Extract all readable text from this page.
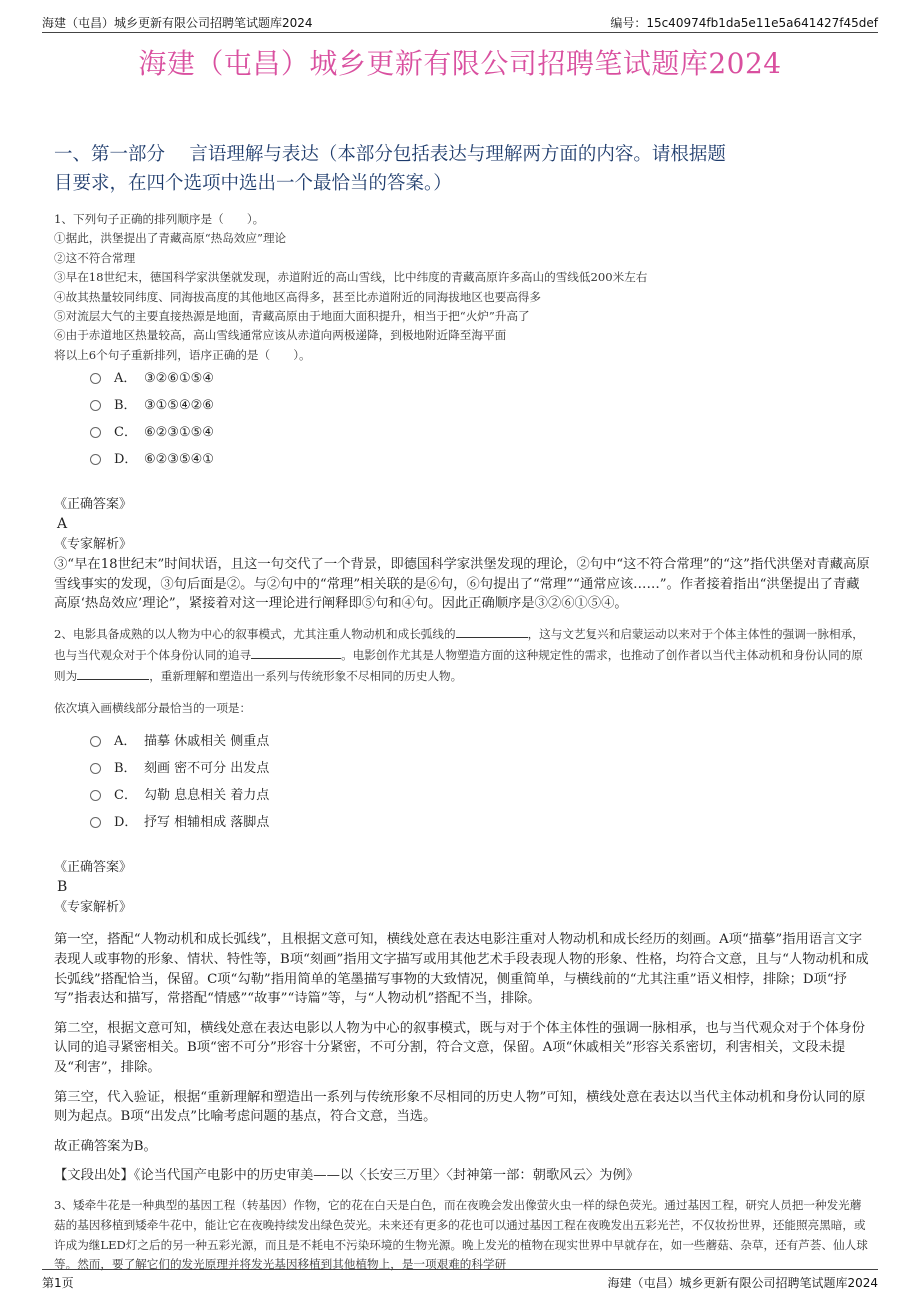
海建（屯昌）城乡更新有限公司招聘笔试题库2024	编号：15c40974fb1da5e11e5a641427f45def
海建（屯昌）城乡更新有限公司招聘笔试题库2024
一、第一部分　 言语理解与表达（本部分包括表达与理解两方面的内容。请根据题
目要求，在四个选项中选出一个最恰当的答案。）
1、下列句子正确的排列顺序是（　　）。
①据此，洪堡提出了青藏高原“热岛效应”理论
②这不符合常理
③早在18世纪末，德国科学家洪堡就发现，赤道附近的高山雪线，比中纬度的青藏高原许多高山的雪线低200米左右
④故其热量较同纬度、同海拔高度的其他地区高得多，甚至比赤道附近的同海拔地区也要高得多
⑤对流层大气的主要直接热源是地面，青藏高原由于地面大面积提升，相当于把“火炉”升高了
⑥由于赤道地区热量较高，高山雪线通常应该从赤道向两极递降，到极地附近降至海平面
将以上6个句子重新排列，语序正确的是（　　）。
A． ③②⑥①⑤④
B． ③①⑤④②⑥
C． ⑥②③①⑤④
D． ⑥②③⑤④①
《正确答案》
A
《专家解析》
③“早在18世纪末”时间状语，且这一句交代了一个背景，即德国科学家洪堡发现的理论，②句中“这不符合常理”的“这”指代洪堡对青藏高原雪线事实的发现，③句后面是②。与②句中的“常理”相关联的是⑥句，⑥句提出了“常理”“通常应该……”。作者接着指出“洪堡提出了青藏高原‘热岛效应’理论”，紧接着对这一理论进行阐释即⑤句和④句。因此正确顺序是③②⑥①⑤④。
2、电影具备成熟的以人物为中心的叙事模式，尤其注重人物动机和成长弧线的	，这与文艺复兴和启蒙运动以来对于个体主体性的强调一脉相承，也与当代观众对于个体身份认同的追寻	。电影创作尤其是人物塑造方面的这种规定性的需求，也推动了创作者以当代主体动机和身份认同的原则为	，重新理解和塑造出一系列与传统形象不尽相同的历史人物。
依次填入画横线部分最恰当的一项是：
A． 描摹 休戚相关 侧重点
B． 刻画 密不可分 出发点
C． 勾勒 息息相关 着力点
D． 抒写 相辅相成 落脚点
《正确答案》
B
《专家解析》
第一空，搭配“人物动机和成长弧线”，且根据文意可知，横线处意在表达电影注重对人物动机和成长经历的刻画。A项“描摹”指用语言文字表现人或事物的形象、情状、特性等，B项“刻画”指用文字描写或用其他艺术手段表现人物的形象、性格，均符合文意，且与“人物动机和成长弧线”搭配恰当，保留。C项“勾勒”指用简单的笔墨描写事物的大致情况，侧重简单，与横线前的“尤其注重”语义相悖，排除；D项“抒写”指表达和描写，常搭配“情感”“故事”“诗篇”等，与“人物动机”搭配不当，排除。
第二空，根据文意可知，横线处意在表达电影以人物为中心的叙事模式，既与对于个体主体性的强调一脉相承，也与当代观众对于个体身份认同的追寻紧密相关。B项“密不可分”形容十分紧密，不可分割，符合文意，保留。A项“休戚相关”形容关系密切，利害相关，文段未提及“利害”，排除。
第三空，代入验证，根据“重新理解和塑造出一系列与传统形象不尽相同的历史人物”可知，横线处意在表达以当代主体动机和身份认同的原则为起点。B项“出发点”比喻考虑问题的基点，符合文意，当选。
故正确答案为B。
【文段出处】《论当代国产电影中的历史审美——以〈长安三万里〉〈封神第一部：朝歌风云〉为例》
3、矮牵牛花是一种典型的基因工程（转基因）作物，它的花在白天是白色，而在夜晚会发出像萤火虫一样的绿色荧光。通过基因工程，研究人员把一种发光蘑菇的基因移植到矮牵牛花中，能让它在夜晚持续发出绿色荧光。未来还有更多的花也可以通过基因工程在夜晚发出五彩光芒，不仅妆扮世界，还能照亮黑暗，或许成为继LED灯之后的另一种五彩光源，而且是不耗电不污染环境的生物光源。晚上发光的植物在现实世界中早就存在，如一些蘑菇、杂草，还有芦荟、仙人球等。然而，要了解它们的发光原理并将发光基因移植到其他植物上，是一项艰难的科学研
第1页	海建（屯昌）城乡更新有限公司招聘笔试题库2024
